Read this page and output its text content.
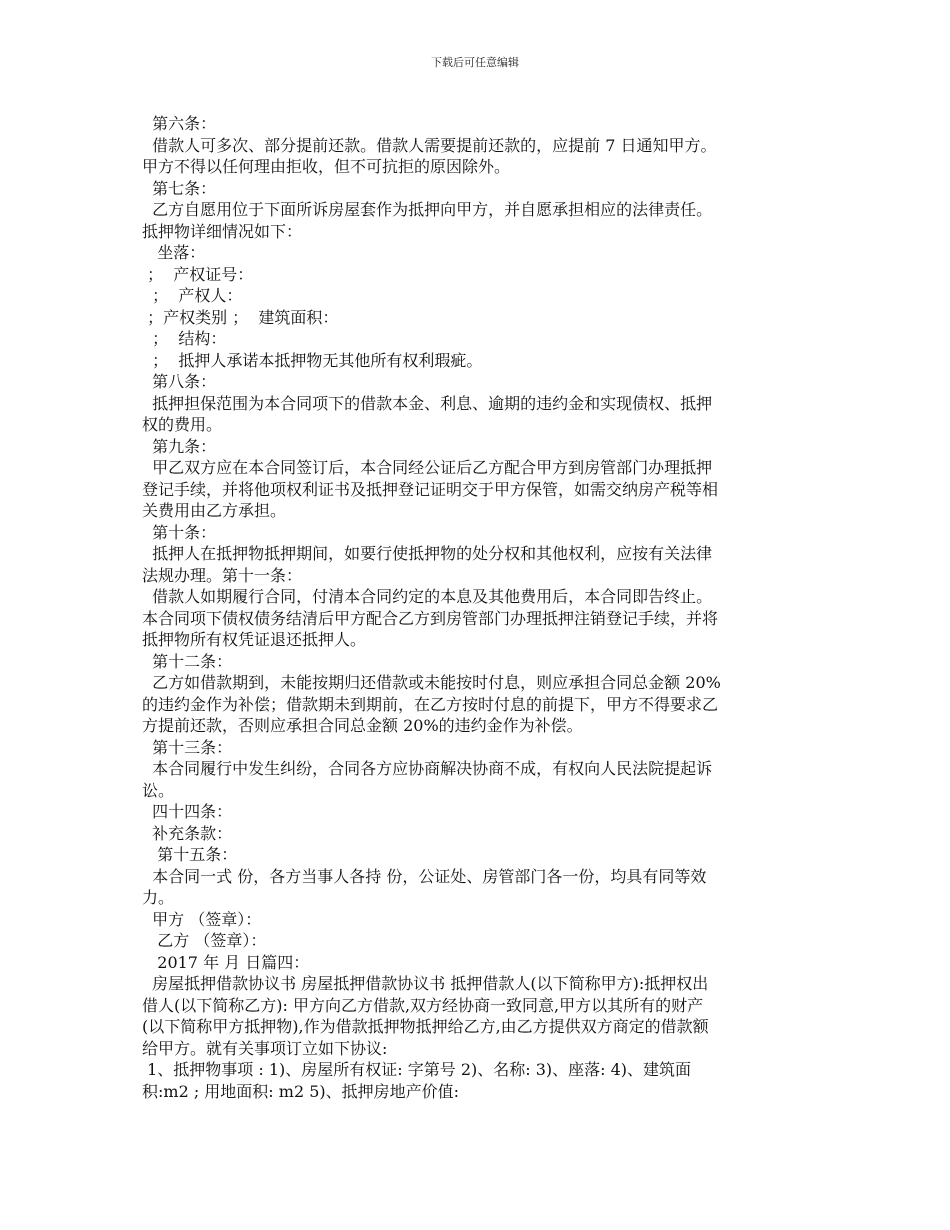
下载后可任意编辑
第六条：
借款人可多次、部分提前还款。借款人需要提前还款的，应提前 7 日通知甲方。
甲方不得以任何理由拒收，但不可抗拒的原因除外。
第七条：
乙方自愿用位于下面所诉房屋套作为抵押向甲方，并自愿承担相应的法律责任。
抵押物详细情况如下：
坐落：
；  产权证号：
；  产权人：
；产权类别 ；  建筑面积：
；  结构：
；  抵押人承诺本抵押物无其他所有权利瑕疵。
第八条：
抵押担保范围为本合同项下的借款本金、利息、逾期的违约金和实现债权、抵押
权的费用。
第九条：
甲乙双方应在本合同签订后，本合同经公证后乙方配合甲方到房管部门办理抵押
登记手续，并将他项权利证书及抵押登记证明交于甲方保管，如需交纳房产税等相
关费用由乙方承担。
第十条：
抵押人在抵押物抵押期间，如要行使抵押物的处分权和其他权利，应按有关法律
法规办理。第十一条：
借款人如期履行合同，付清本合同约定的本息及其他费用后，本合同即告终止。
本合同项下债权债务结清后甲方配合乙方到房管部门办理抵押注销登记手续，并将
抵押物所有权凭证退还抵押人。
第十二条：
乙方如借款期到，未能按期归还借款或未能按时付息，则应承担合同总金额 20%
的违约金作为补偿；借款期未到期前，在乙方按时付息的前提下，甲方不得要求乙
方提前还款，否则应承担合同总金额 20%的违约金作为补偿。
第十三条：
本合同履行中发生纠纷，合同各方应协商解决协商不成，有权向人民法院提起诉
讼。
四十四条：
补充条款：
第十五条：
本合同一式 份，各方当事人各持 份，公证处、房管部门各一份，均具有同等效
力。
甲方 （签章）：
乙方 （签章）：
2017 年 月 日篇四：
房屋抵押借款协议书 房屋抵押借款协议书 抵押借款人(以下简称甲方):抵押权出
借人(以下简称乙方): 甲方向乙方借款,双方经协商一致同意,甲方以其所有的财产
(以下简称甲方抵押物),作为借款抵押物抵押给乙方,由乙方提供双方商定的借款额
给甲方。就有关事项订立如下协议:
1、抵押物事项 : 1)、房屋所有权证: 字第号 2)、名称: 3)、座落: 4)、建筑面
积:m2 ; 用地面积: m2 5)、抵押房地产价值:
